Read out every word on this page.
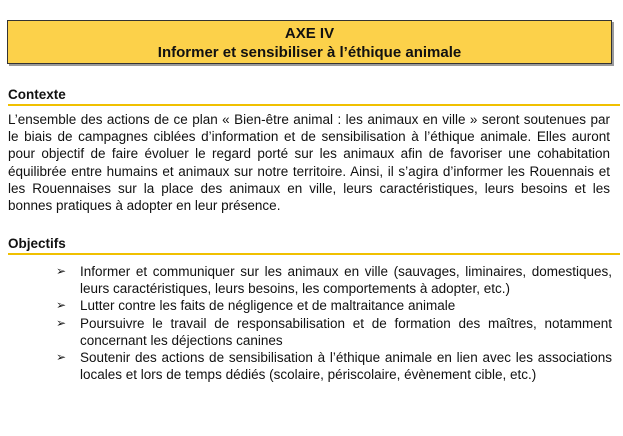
AXE IV
Informer et sensibiliser à l’éthique animale
Contexte

L’ensemble des actions de ce plan « Bien-être animal : les animaux en ville » seront soutenues par le biais de campagnes ciblées d’information et de sensibilisation à l’éthique animale. Elles auront pour objectif de faire évoluer le regard porté sur les animaux afin de favoriser une cohabitation équilibrée entre humains et animaux sur notre territoire. Ainsi, il s’agira d’informer les Rouennais et les Rouennaises sur la place des animaux en ville, leurs caractéristiques, leurs besoins et les bonnes pratiques à adopter en leur présence.

Objectifs
➢ Informer et communiquer sur les animaux en ville (sauvages, liminaires, domestiques, leurs caractéristiques, leurs besoins, les comportements à adopter, etc.)
➢ Lutter contre les faits de négligence et de maltraitance animale
➢ Poursuivre le travail de responsabilisation et de formation des maîtres, notamment concernant les déjections canines
➢ Soutenir des actions de sensibilisation à l’éthique animale en lien avec les associations locales et lors de temps dédiés (scolaire, périscolaire, évènement cible, etc.)
